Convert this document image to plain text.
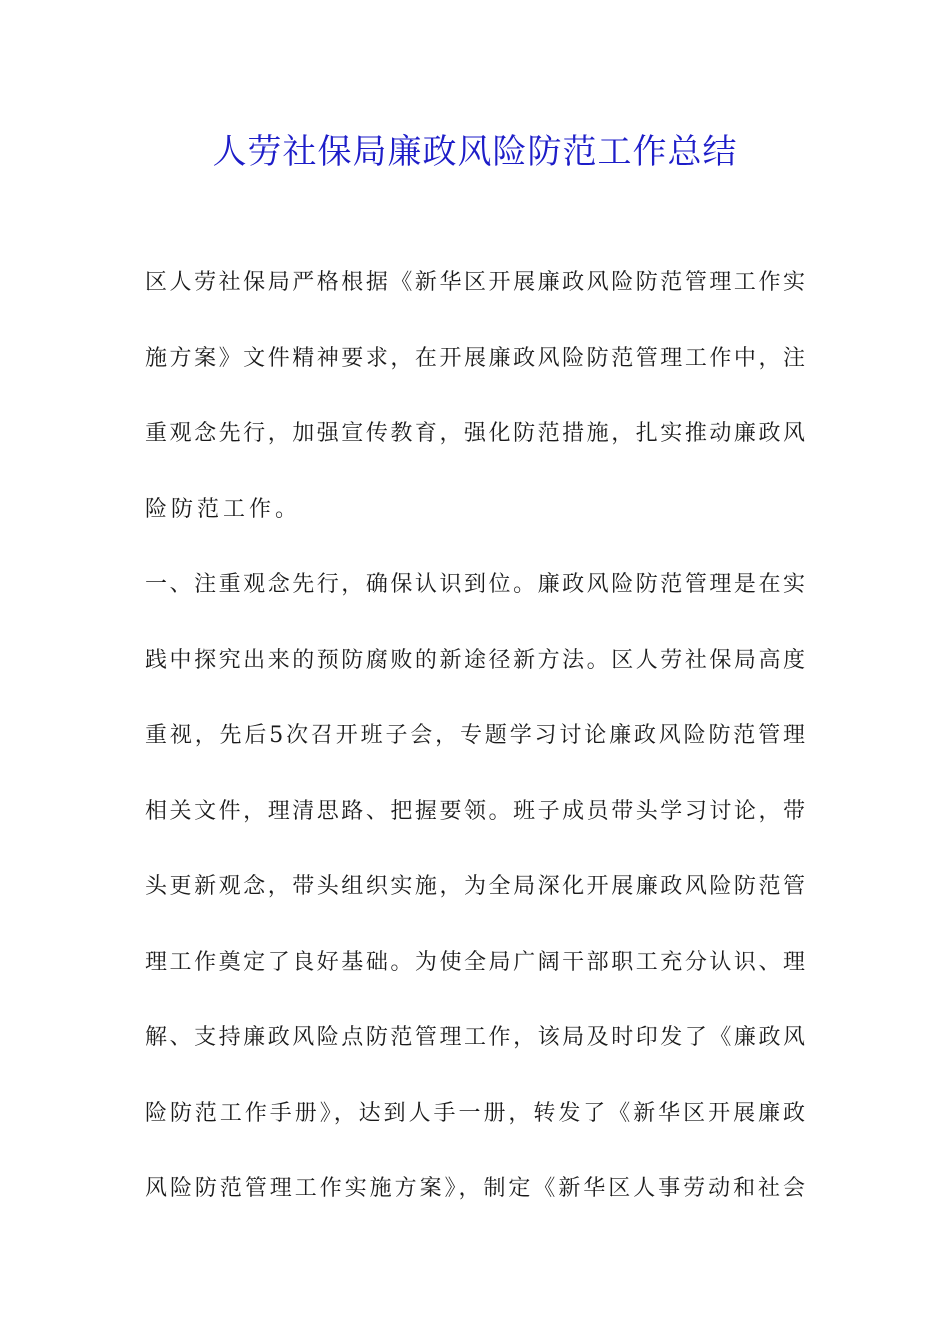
人劳社保局廉政风险防范工作总结
区人劳社保局严格根据《新华区开展廉政风险防范管理工作实
施方案》文件精神要求，在开展廉政风险防范管理工作中，注
重观念先行，加强宣传教育，强化防范措施，扎实推动廉政风
险防范工作。
一、注重观念先行，确保认识到位。廉政风险防范管理是在实
践中探究出来的预防腐败的新途径新方法。区人劳社保局高度
重视，先后5次召开班子会，专题学习讨论廉政风险防范管理
相关文件，理清思路、把握要领。班子成员带头学习讨论，带
头更新观念，带头组织实施，为全局深化开展廉政风险防范管
理工作奠定了良好基础。为使全局广阔干部职工充分认识、理
解、支持廉政风险点防范管理工作，该局及时印发了《廉政风
险防范工作手册》，达到人手一册，转发了《新华区开展廉政
风险防范管理工作实施方案》，制定《新华区人事劳动和社会
